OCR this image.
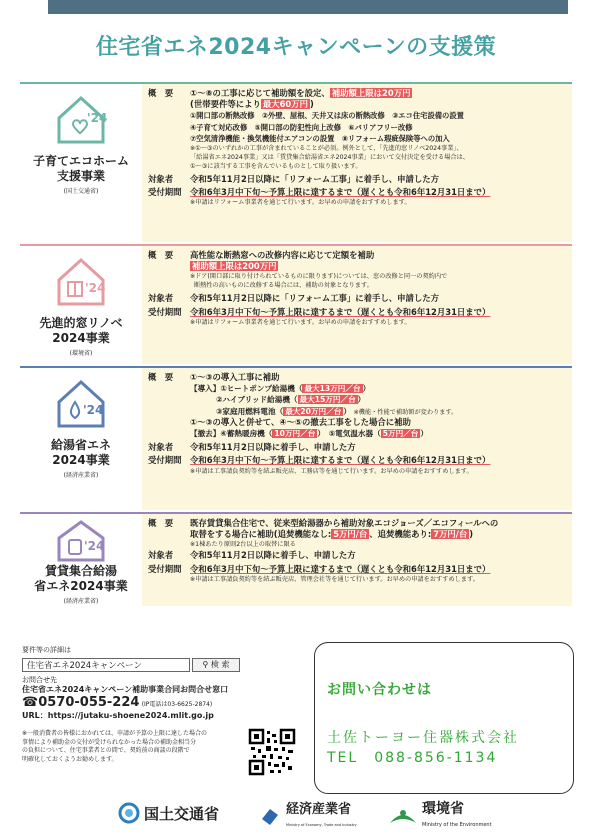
住宅省エネ2024キャンペーンの支援策
'24
子育てエコホーム
支援事業
(国土交通省)
概　要	①～⑧の工事に応じて補助額を設定、 補助額上限は20万円
(世帯要件等により 最大60万円 )
①開口部の断熱改修　②外壁、屋根、天井又は床の断熱改修　③エコ住宅設備の設置
④子育て対応改修　⑤開口部の防犯性向上改修　⑥バリアフリー改修
⑦空気清浄機能・換気機能付エアコンの設置　⑧リフォーム瑕疵保険等への加入
※①～③のいずれかの工事が含まれていることが必須。例外として、「先進的窓リノベ2024事業」、
「給湯省エネ2024事業」又は「賃貸集合給湯省エネ2024事業」において交付決定を受ける場合は、
①～③に該当する工事を含んでいるものとして取り扱います。
対象者	令和5年11月2日以降に「リフォーム工事」に着手し、申請した方
受付期間	令和6年3月中下旬～予算上限に達するまで（遅くとも令和6年12月31日まで）
※申請はリフォーム事業者を通じて行います。お早めの申請をおすすめします。
'24
先進的窓リノベ
2024事業
(環境省)
概　要	高性能な断熱窓への改修内容に応じて定額を補助
補助額上限は200万円
※ドア(開口部に取り付けられているものに限ります)については、窓の改修と同一の契約内で
断熱性の高いものに改修する場合には、補助の対象となります。
対象者	令和5年11月2日以降に「リフォーム工事」に着手し、申請した方
受付期間	令和6年3月中下旬～予算上限に達するまで（遅くとも令和6年12月31日まで）
※申請はリフォーム事業者を通じて行います。お早めの申請をおすすめします。
'24
給湯省エネ
2024事業
(経済産業省)
概　要	①～③の導入工事に補助
【導入】①ヒートポンプ給湯機（ 最大13万円／台 ）
②ハイブリッド給湯機（ 最大15万円／台 ）
③家庭用燃料電池（ 最大20万円／台 ） ※機能・性能で補助額が変わります。
①～③の導入と併せて、④～⑤の撤去工事をした場合に補助
【撤去】④蓄熱暖房機（ 10万円／台 ）　 ⑤電気温水器（ 5万円／台 ）
対象者	令和5年11月2日以降に着手し、申請した方
受付期間	令和6年3月中下旬～予算上限に達するまで（遅くとも令和6年12月31日まで）
※申請は工事請負契約等を結ぶ販売店、工務店等を通じて行います。お早めの申請をおすすめします。
'24
賃貸集合給湯
省エネ2024事業
(経済産業省)
概　要	既存賃貸集合住宅で、従来型給湯器から補助対象エコジョーズ／エコフィールへの
取替をする場合に補助(追焚機能なし: 5万円/台 、追焚機能あり: 7万円/台 )
※1棟あたり原則2台以上の取替に限る
対象者	令和5年11月2日以降に着手し、申請した方
受付期間	令和6年3月中下旬～予算上限に達するまで（遅くとも令和6年12月31日まで）
※申請は工事請負契約等を結ぶ販売店、管理会社等を通じて行います。お早めの申請をおすすめします。
要件等の詳細は
住宅省エネ2024キャンペーン	⚲ 検 索
お問合せ先
住宅省エネ2024キャンペーン補助事業合同お問合せ窓口
☎0570-055-224 (IP電話は03-6625-2874)
URL：https://jutaku-shoene2024.mlit.go.jp
※一般消費者の皆様におかれては、申請が予算の上限に達した場合の
事情により補助金の交付が受けられなかった場合の補助金相当分
の負担について、住宅事業者との間で、契約前の商談の段階で
明確化しておくようお勧めします。
お問い合わせは
土佐トーヨー住器株式会社
TEL　088-856-1134
国土交通省	経済産業省
Ministry of Economy, Trade and Industry
環境省
Ministry of the Environment
